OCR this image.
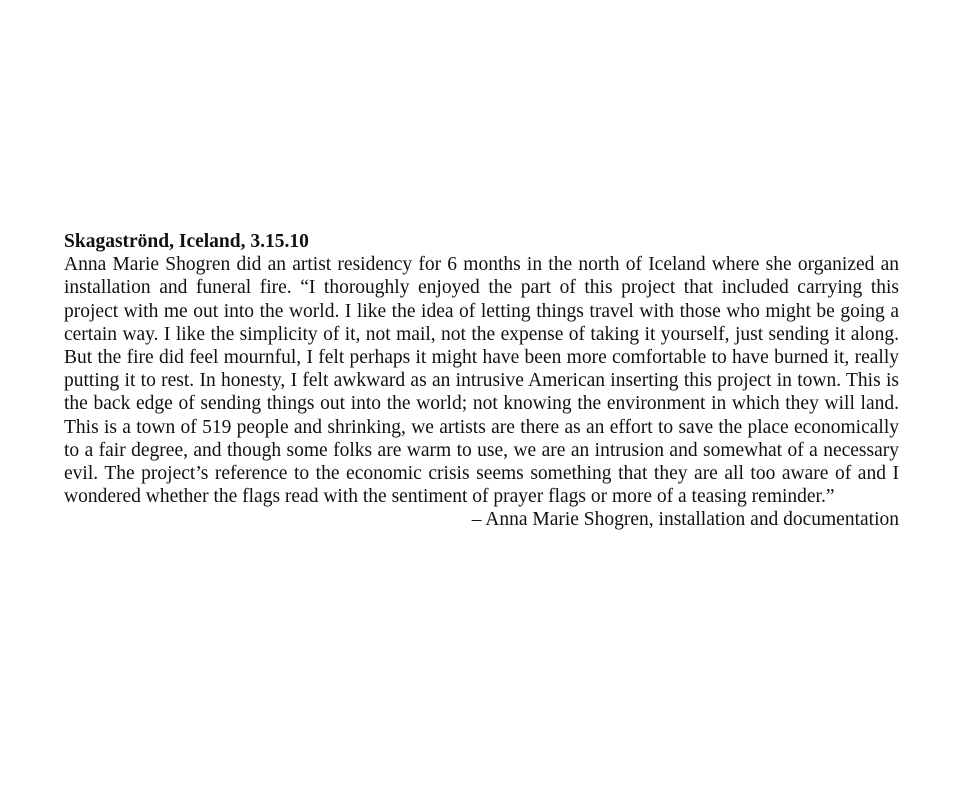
Skagaströnd, Iceland, 3.15.10

Anna Marie Shogren did an artist residency for 6 months in the north of Iceland where she organized an installation and funeral fire. “I thoroughly enjoyed the part of this project that included carrying this project with me out into the world. I like the idea of letting things travel with those who might be going a certain way. I like the simplicity of it, not mail, not the expense of taking it yourself, just sending it along. But the fire did feel mournful, I felt perhaps it might have been more comfortable to have burned it, really putting it to rest. In honesty, I felt awkward as an intrusive American inserting this project in town. This is the back edge of sending things out into the world; not knowing the environment in which they will land. This is a town of 519 people and shrinking, we artists are there as an effort to save the place economically to a fair degree, and though some folks are warm to use, we are an intrusion and somewhat of a necessary evil. The project’s reference to the economic crisis seems something that they are all too aware of and I wondered whether the flags read with the sentiment of prayer flags or more of a teasing reminder.”

– Anna Marie Shogren, installation and documentation
